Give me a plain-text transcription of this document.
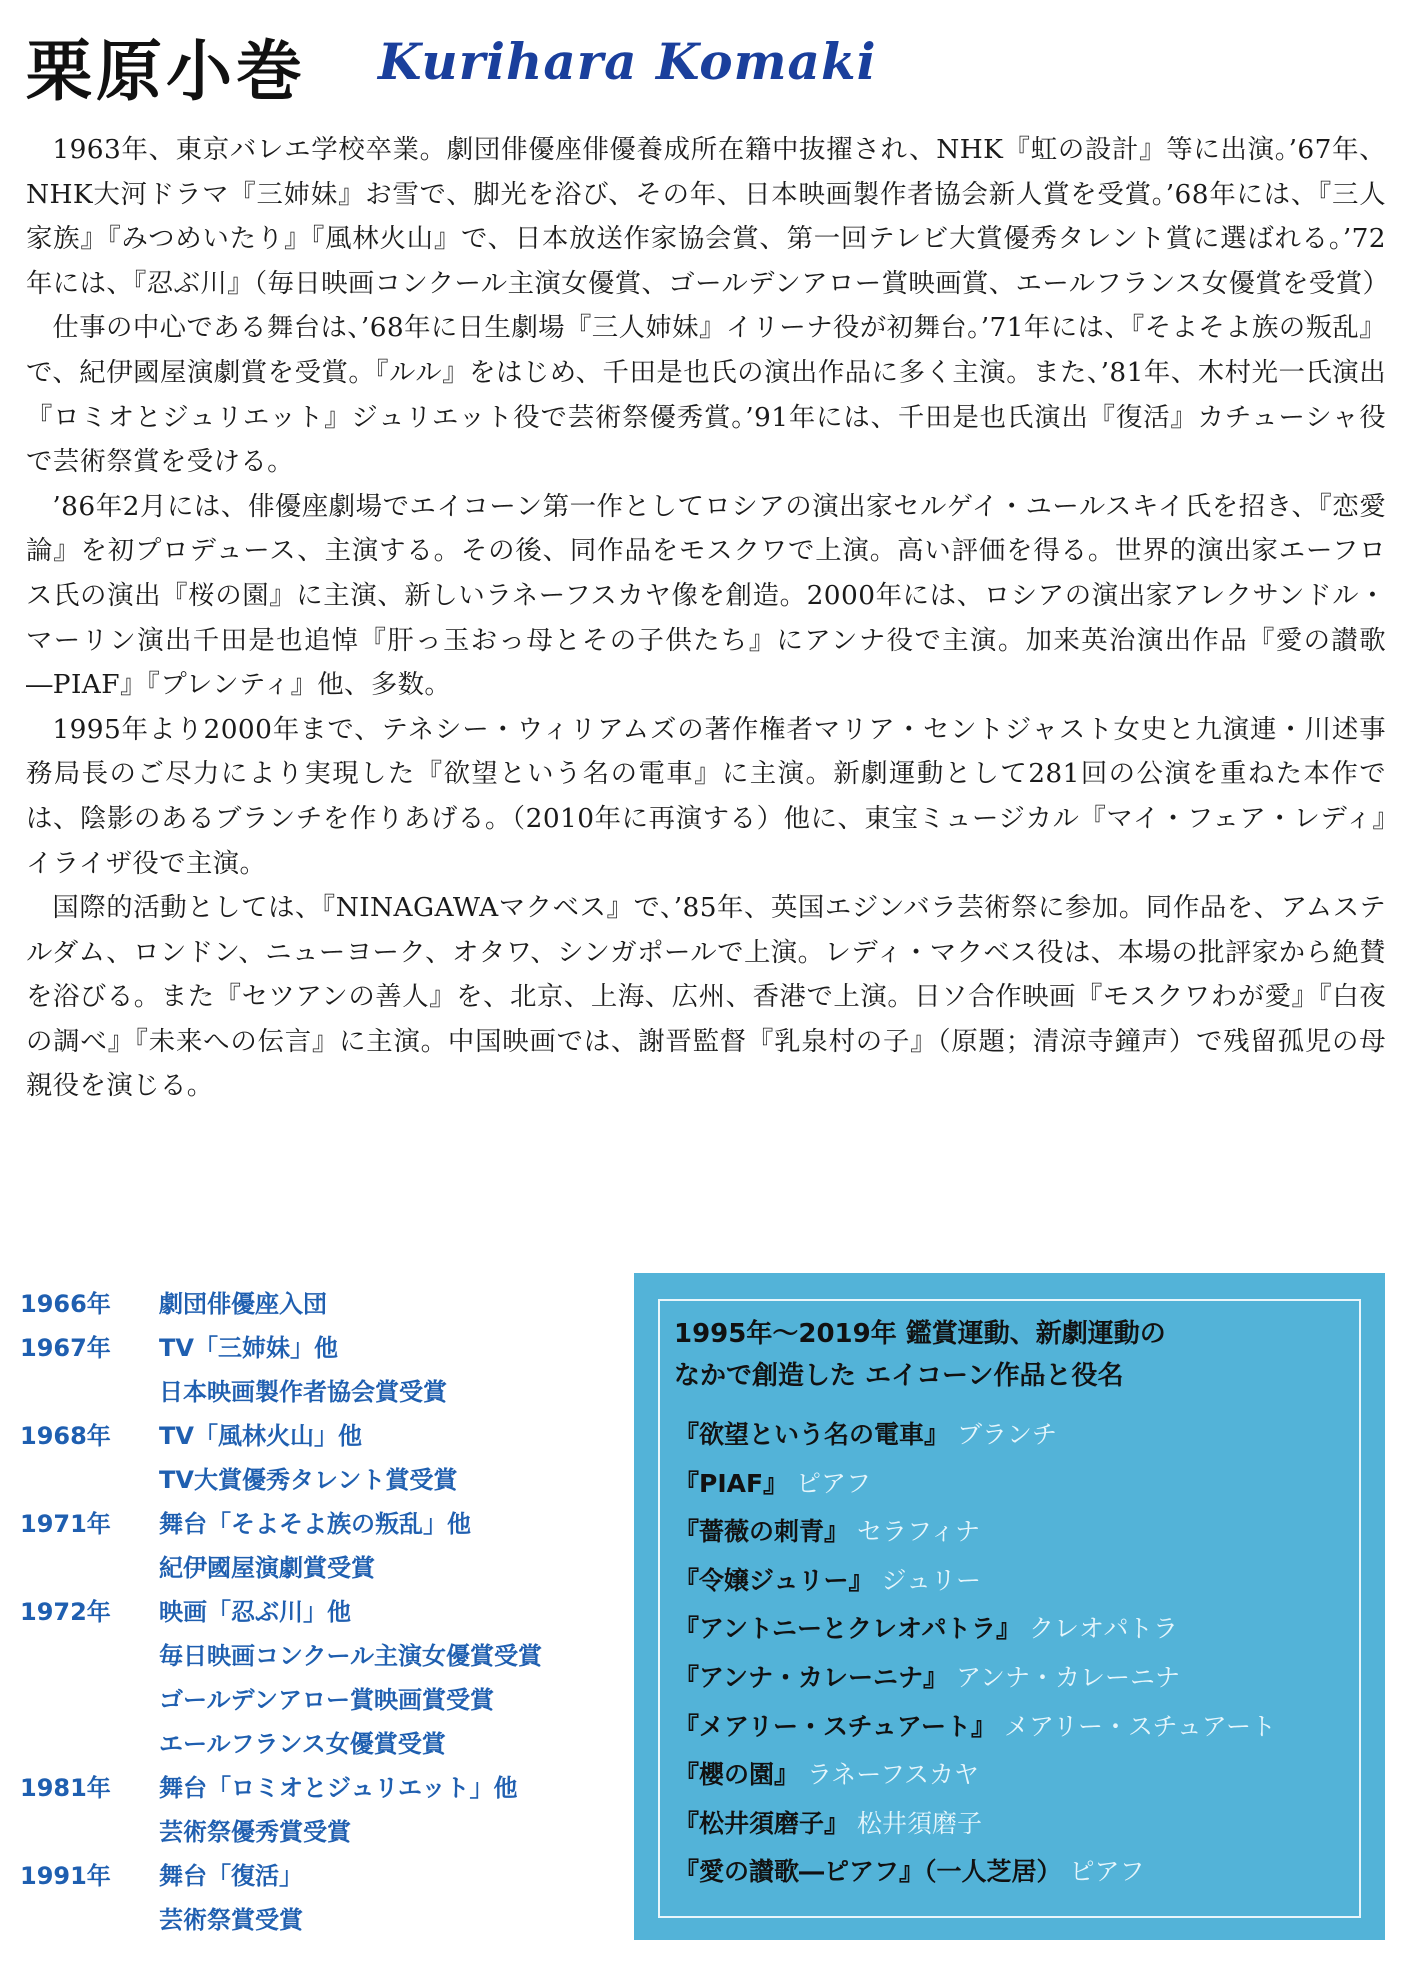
栗原小巻 Kurihara Komaki

1963年、東京バレエ学校卒業。劇団俳優座俳優養成所在籍中抜擢され、NHK『虹の設計』等に出演。’67年、NHK大河ドラマ『三姉妹』お雪で、脚光を浴び、その年、日本映画製作者協会新人賞を受賞。’68年には、『三人家族』『みつめいたり』『風林火山』で、日本放送作家協会賞、第一回テレビ大賞優秀タレント賞に選ばれる。’72年には、『忍ぶ川』（毎日映画コンクール主演女優賞、ゴールデンアロー賞映画賞、エールフランス女優賞を受賞）

仕事の中心である舞台は、’68年に日生劇場『三人姉妹』イリーナ役が初舞台。’71年には、『そよそよ族の叛乱』で、紀伊國屋演劇賞を受賞。『ルル』をはじめ、千田是也氏の演出作品に多く主演。また、’81年、木村光一氏演出『ロミオとジュリエット』ジュリエット役で芸術祭優秀賞。’91年には、千田是也氏演出『復活』カチューシャ役で芸術祭賞を受ける。

’86年2月には、俳優座劇場でエイコーン第一作としてロシアの演出家セルゲイ・ユールスキイ氏を招き、『恋愛論』を初プロデュース、主演する。その後、同作品をモスクワで上演。高い評価を得る。世界的演出家エーフロス氏の演出『桜の園』に主演、新しいラネーフスカヤ像を創造。2000年には、ロシアの演出家アレクサンドル・マーリン演出千田是也追悼『肝っ玉おっ母とその子供たち』にアンナ役で主演。加来英治演出作品『愛の讃歌―PIAF』『プレンティ』他、多数。

1995年より2000年まで、テネシー・ウィリアムズの著作権者マリア・セントジャスト女史と九演連・川述事務局長のご尽力により実現した『欲望という名の電車』に主演。新劇運動として281回の公演を重ねた本作では、陰影のあるブランチを作りあげる。（2010年に再演する）他に、東宝ミュージカル『マイ・フェア・レディ』イライザ役で主演。

国際的活動としては、『NINAGAWAマクベス』で、’85年、英国エジンバラ芸術祭に参加。同作品を、アムステルダム、ロンドン、ニューヨーク、オタワ、シンガポールで上演。レディ・マクベス役は、本場の批評家から絶賛を浴びる。また『セツアンの善人』を、北京、上海、広州、香港で上演。日ソ合作映画『モスクワわが愛』『白夜の調べ』『未来への伝言』に主演。中国映画では、謝晋監督『乳泉村の子』（原題；清涼寺鐘声）で残留孤児の母親役を演じる。

1966年	劇団俳優座入団
1967年	TV「三姉妹」他
日本映画製作者協会賞受賞
1968年	TV「風林火山」他
TV大賞優秀タレント賞受賞
1971年	舞台「そよそよ族の叛乱」他
紀伊國屋演劇賞受賞
1972年	映画「忍ぶ川」他
毎日映画コンクール主演女優賞受賞
ゴールデンアロー賞映画賞受賞
エールフランス女優賞受賞
1981年	舞台「ロミオとジュリエット」他
芸術祭優秀賞受賞
1991年	舞台「復活」
芸術祭賞受賞
1995年～2019年 鑑賞運動、新劇運動の
なかで創造した エイコーン作品と役名
『欲望という名の電車』 ブランチ
『PIAF』 ピアフ
『薔薇の刺青』 セラフィナ
『令嬢ジュリー』 ジュリー
『アントニーとクレオパトラ』 クレオパトラ
『アンナ・カレーニナ』 アンナ・カレーニナ
『メアリー・スチュアート』 メアリー・スチュアート
『櫻の園』 ラネーフスカヤ
『松井須磨子』 松井須磨子
『愛の讃歌―ピアフ』（一人芝居） ピアフ
